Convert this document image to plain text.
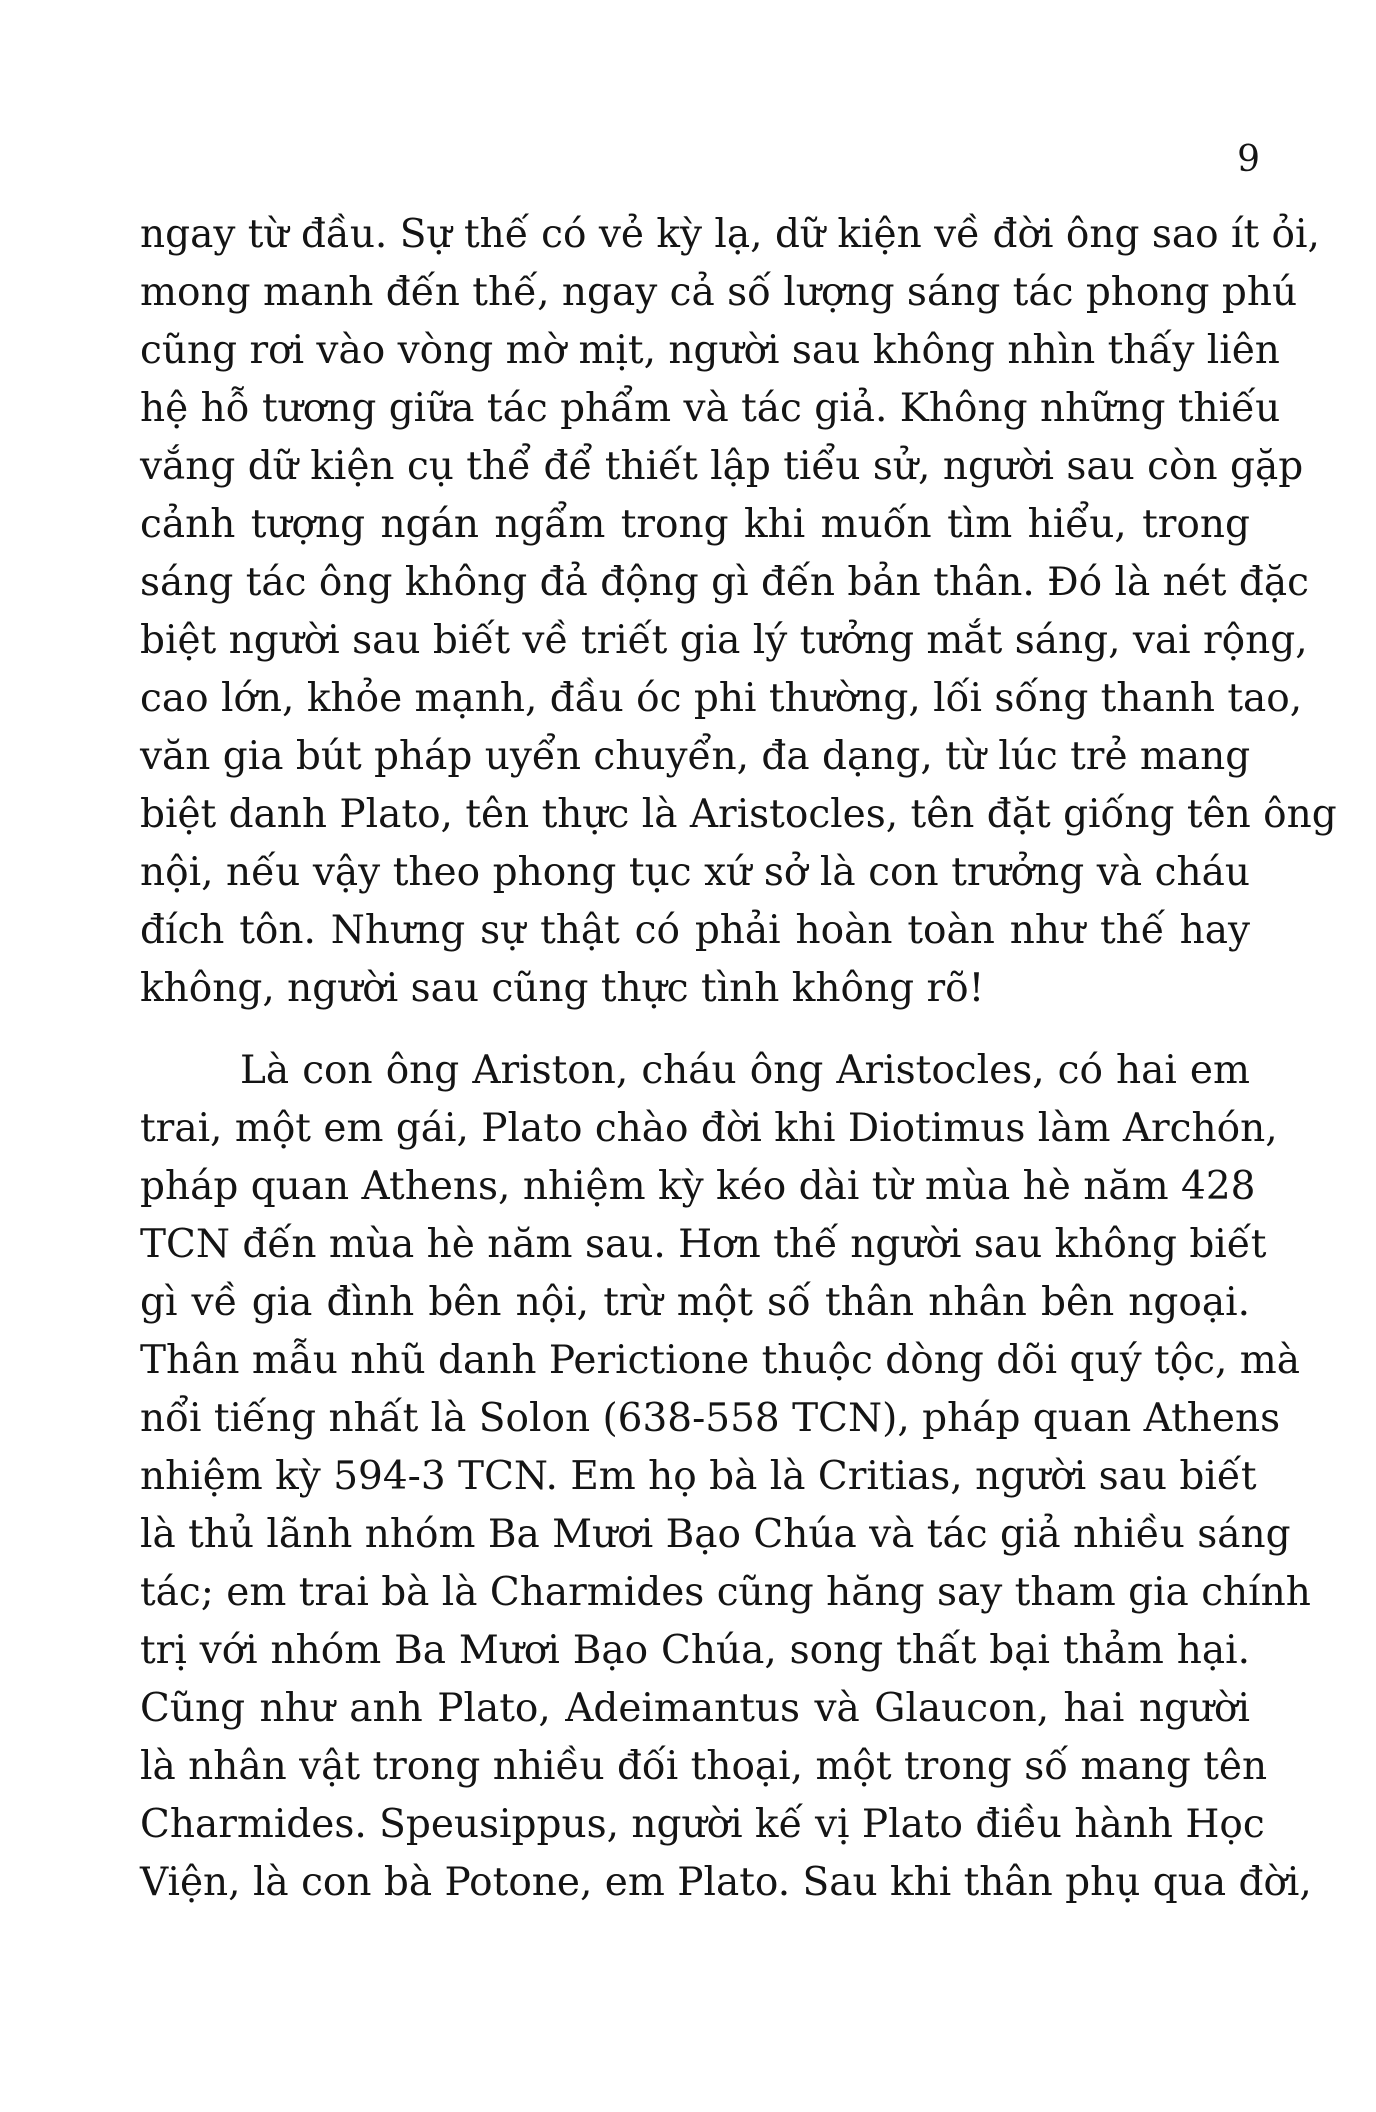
9
ngay từ đầu. Sự thế có vẻ kỳ lạ, dữ kiện về đời ông sao ít ỏi,
mong manh đến thế, ngay cả số lượng sáng tác phong phú
cũng rơi vào vòng mờ mịt, người sau không nhìn thấy liên
hệ hỗ tương giữa tác phẩm và tác giả. Không những thiếu
vắng dữ kiện cụ thể để thiết lập tiểu sử, người sau còn gặp
cảnh tượng ngán ngẩm trong khi muốn tìm hiểu, trong
sáng tác ông không đả động gì đến bản thân. Đó là nét đặc
biệt người sau biết về triết gia lý tưởng mắt sáng, vai rộng,
cao lớn, khỏe mạnh, đầu óc phi thường, lối sống thanh tao,
văn gia bút pháp uyển chuyển, đa dạng, từ lúc trẻ mang
biệt danh Plato, tên thực là Aristocles, tên đặt giống tên ông
nội, nếu vậy theo phong tục xứ sở là con trưởng và cháu
đích tôn. Nhưng sự thật có phải hoàn toàn như thế hay
không, người sau cũng thực tình không rõ!
Là con ông Ariston, cháu ông Aristocles, có hai em
trai, một em gái, Plato chào đời khi Diotimus làm Archón,
pháp quan Athens, nhiệm kỳ kéo dài từ mùa hè năm 428
TCN đến mùa hè năm sau. Hơn thế người sau không biết
gì về gia đình bên nội, trừ một số thân nhân bên ngoại.
Thân mẫu nhũ danh Perictione thuộc dòng dõi quý tộc, mà
nổi tiếng nhất là Solon (638-558 TCN), pháp quan Athens
nhiệm kỳ 594-3 TCN. Em họ bà là Critias, người sau biết
là thủ lãnh nhóm Ba Mươi Bạo Chúa và tác giả nhiều sáng
tác; em trai bà là Charmides cũng hăng say tham gia chính
trị với nhóm Ba Mươi Bạo Chúa, song thất bại thảm hại.
Cũng như anh Plato, Adeimantus và Glaucon, hai người
là nhân vật trong nhiều đối thoại, một trong số mang tên
Charmides. Speusippus, người kế vị Plato điều hành Học
Viện, là con bà Potone, em Plato. Sau khi thân phụ qua đời,
